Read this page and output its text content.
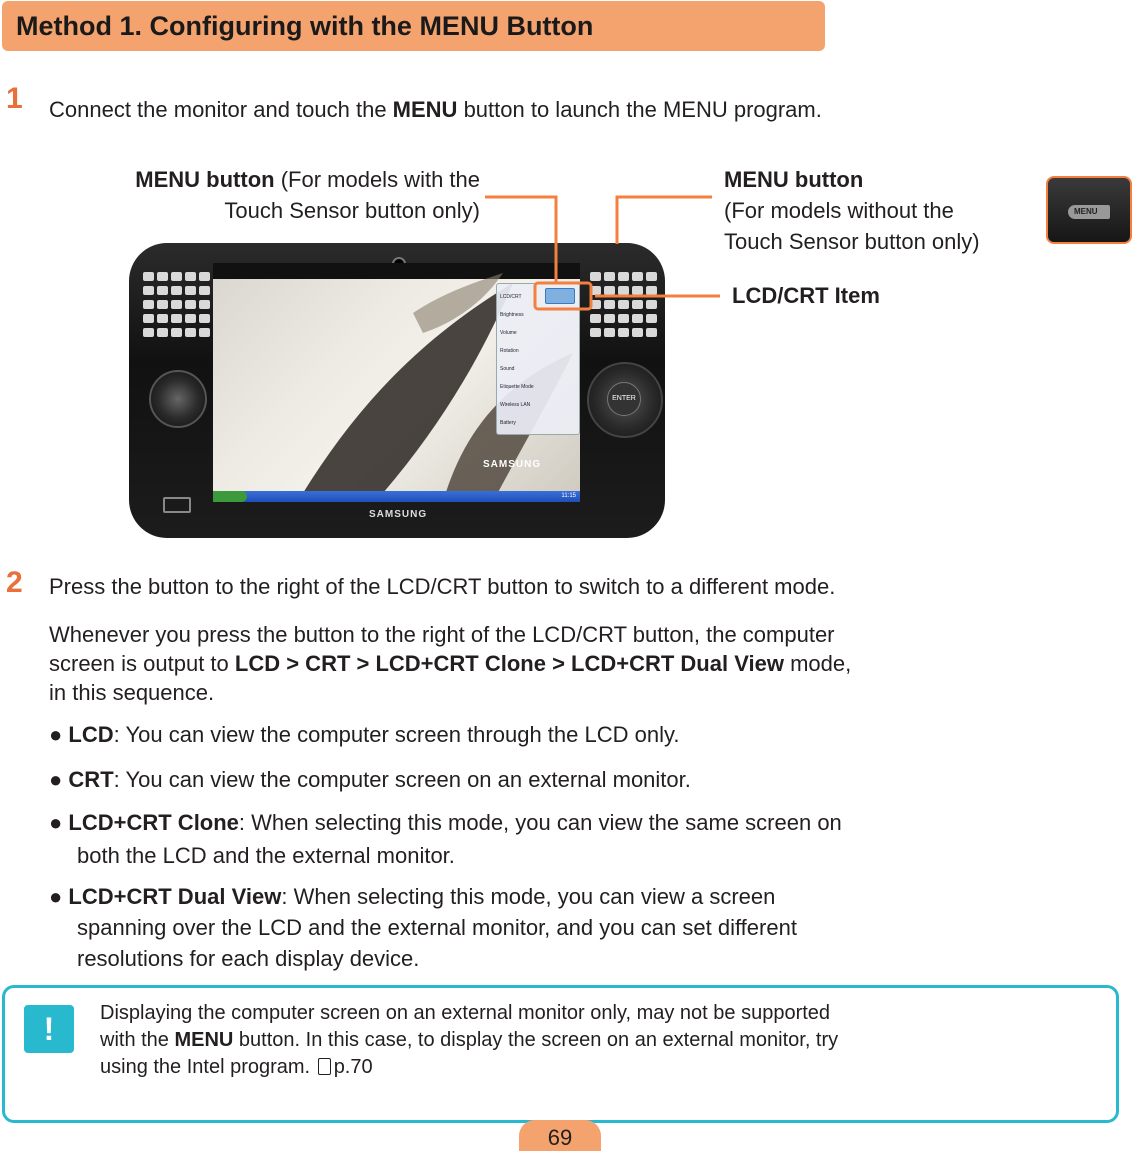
Method 1. Configuring with the MENU Button
1 Connect the monitor and touch the MENU button to launch the MENU program.
MENU button (For models with the
Touch Sensor button only)
MENU button
(For models without the
Touch Sensor button only)
LCD/CRT Item
MENU
ENTER
LCD/CRT
Brightness
Volume
Rotation
Sound
Etiquette Mode
Wireless LAN
Battery
SAMSUNG
11:15
SAMSUNG
2 Press the button to the right of the LCD/CRT button to switch to a different mode.
Whenever you press the button to the right of the LCD/CRT button, the computer
screen is output to LCD > CRT > LCD+CRT Clone > LCD+CRT Dual View mode,
in this sequence.
● LCD: You can view the computer screen through the LCD only.
● CRT: You can view the computer screen on an external monitor.
● LCD+CRT Clone: When selecting this mode, you can view the same screen on
both the LCD and the external monitor.
● LCD+CRT Dual View: When selecting this mode, you can view a screen
spanning over the LCD and the external monitor, and you can set different
resolutions for each display device.
!	Displaying the computer screen on an external monitor only, may not be supported
with the MENU button. In this case, to display the screen on an external monitor, try
using the Intel program. p.70
69
